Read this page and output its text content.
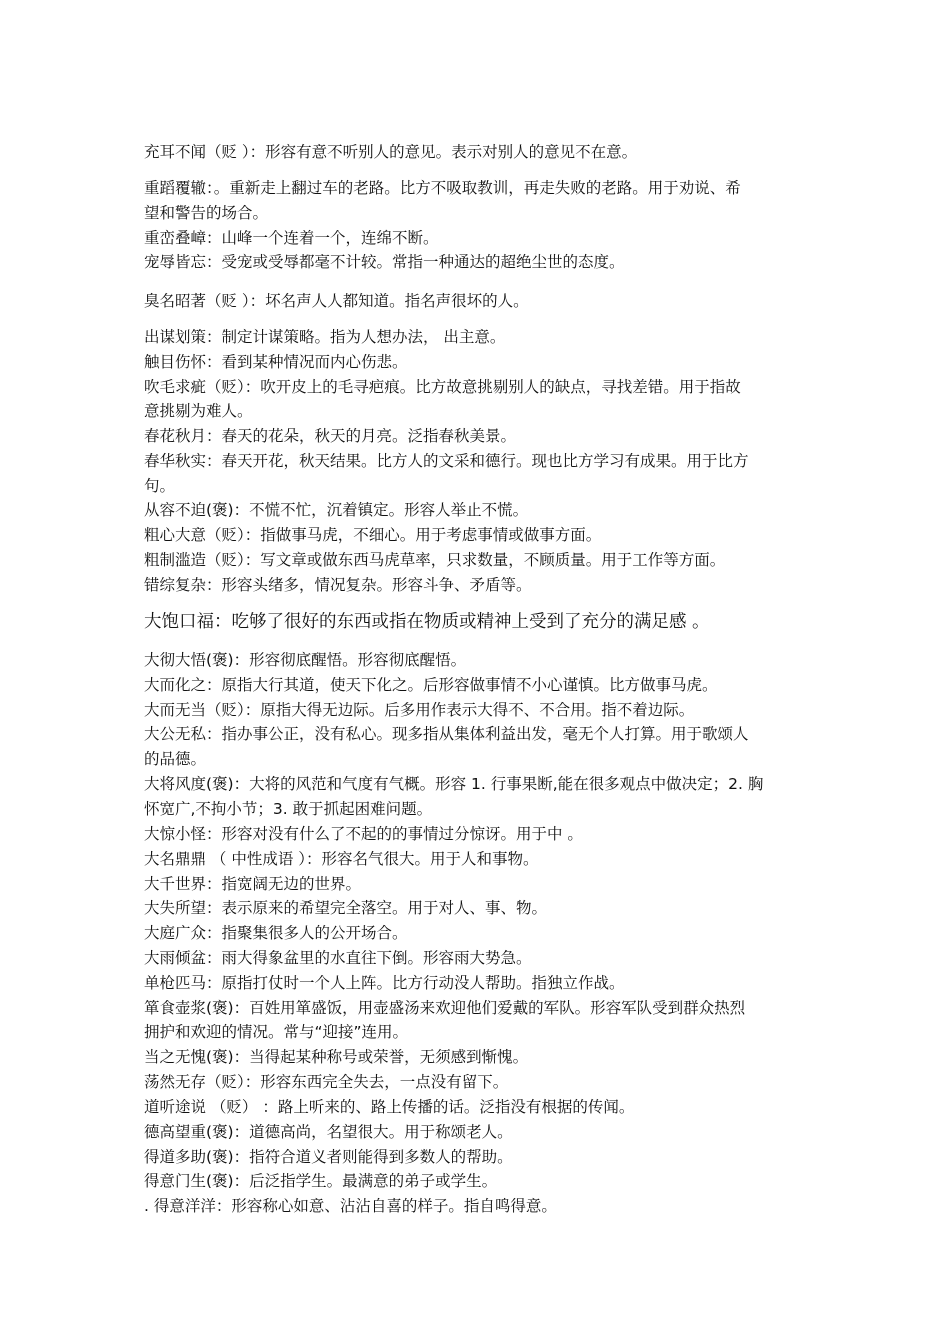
充耳不闻（贬 ）：形容有意不听别人的意见。表示对别人的意见不在意。
重蹈覆辙：。重新走上翻过车的老路。比方不吸取教训，再走失败的老路。用于劝说、希
望和警告的场合。
重峦叠嶂：山峰一个连着一个，连绵不断。
宠辱皆忘：受宠或受辱都毫不计较。常指一种通达的超绝尘世的态度。
臭名昭著（贬 ）：坏名声人人都知道。指名声很坏的人。
出谋划策：制定计谋策略。指为人想办法， 出主意。
触目伤怀：看到某种情况而内心伤悲。
吹毛求疵（贬）：吹开皮上的毛寻疤痕。比方故意挑剔别人的缺点，寻找差错。用于指故
意挑剔为难人。
春花秋月：春天的花朵，秋天的月亮。泛指春秋美景。
春华秋实：春天开花，秋天结果。比方人的文采和德行。现也比方学习有成果。用于比方
句。
从容不迫(褒)：不慌不忙，沉着镇定。形容人举止不慌。
粗心大意（贬）：指做事马虎，不细心。用于考虑事情或做事方面。
粗制滥造（贬）：写文章或做东西马虎草率，只求数量，不顾质量。用于工作等方面。
错综复杂：形容头绪多，情况复杂。形容斗争、矛盾等。
大饱口福：吃够了很好的东西或指在物质或精神上受到了充分的满足感 。
大彻大悟(褒)：形容彻底醒悟。形容彻底醒悟。
大而化之：原指大行其道，使天下化之。后形容做事情不小心谨慎。比方做事马虎。
大而无当（贬）：原指大得无边际。后多用作表示大得不、不合用。指不着边际。
大公无私：指办事公正，没有私心。现多指从集体利益出发，毫无个人打算。用于歌颂人
的品德。
大将风度(褒)：大将的风范和气度有气概。形容 1. 行事果断,能在很多观点中做决定；2. 胸
怀宽广,不拘小节；3. 敢于抓起困难问题。
大惊小怪：形容对没有什么了不起的的事情过分惊讶。用于中 。
大名鼎鼎 （ 中性成语 ）：形容名气很大。用于人和事物。
大千世界：指宽阔无边的世界。
大失所望：表示原来的希望完全落空。用于对人、事、物。
大庭广众：指聚集很多人的公开场合。
大雨倾盆：雨大得象盆里的水直往下倒。形容雨大势急。
单枪匹马：原指打仗时一个人上阵。比方行动没人帮助。指独立作战。
箪食壶浆(褒)：百姓用箪盛饭，用壶盛汤来欢迎他们爱戴的军队。形容军队受到群众热烈
拥护和欢迎的情况。常与“迎接”连用。
当之无愧(褒)：当得起某种称号或荣誉，无须感到惭愧。
荡然无存（贬）：形容东西完全失去，一点没有留下。
道听途说 （贬） ：路上听来的、路上传播的话。泛指没有根据的传闻。
德高望重(褒)：道德高尚，名望很大。用于称颂老人。
得道多助(褒)：指符合道义者则能得到多数人的帮助。
得意门生(褒)：后泛指学生。最满意的弟子或学生。
. 得意洋洋：形容称心如意、沾沾自喜的样子。指自鸣得意。
